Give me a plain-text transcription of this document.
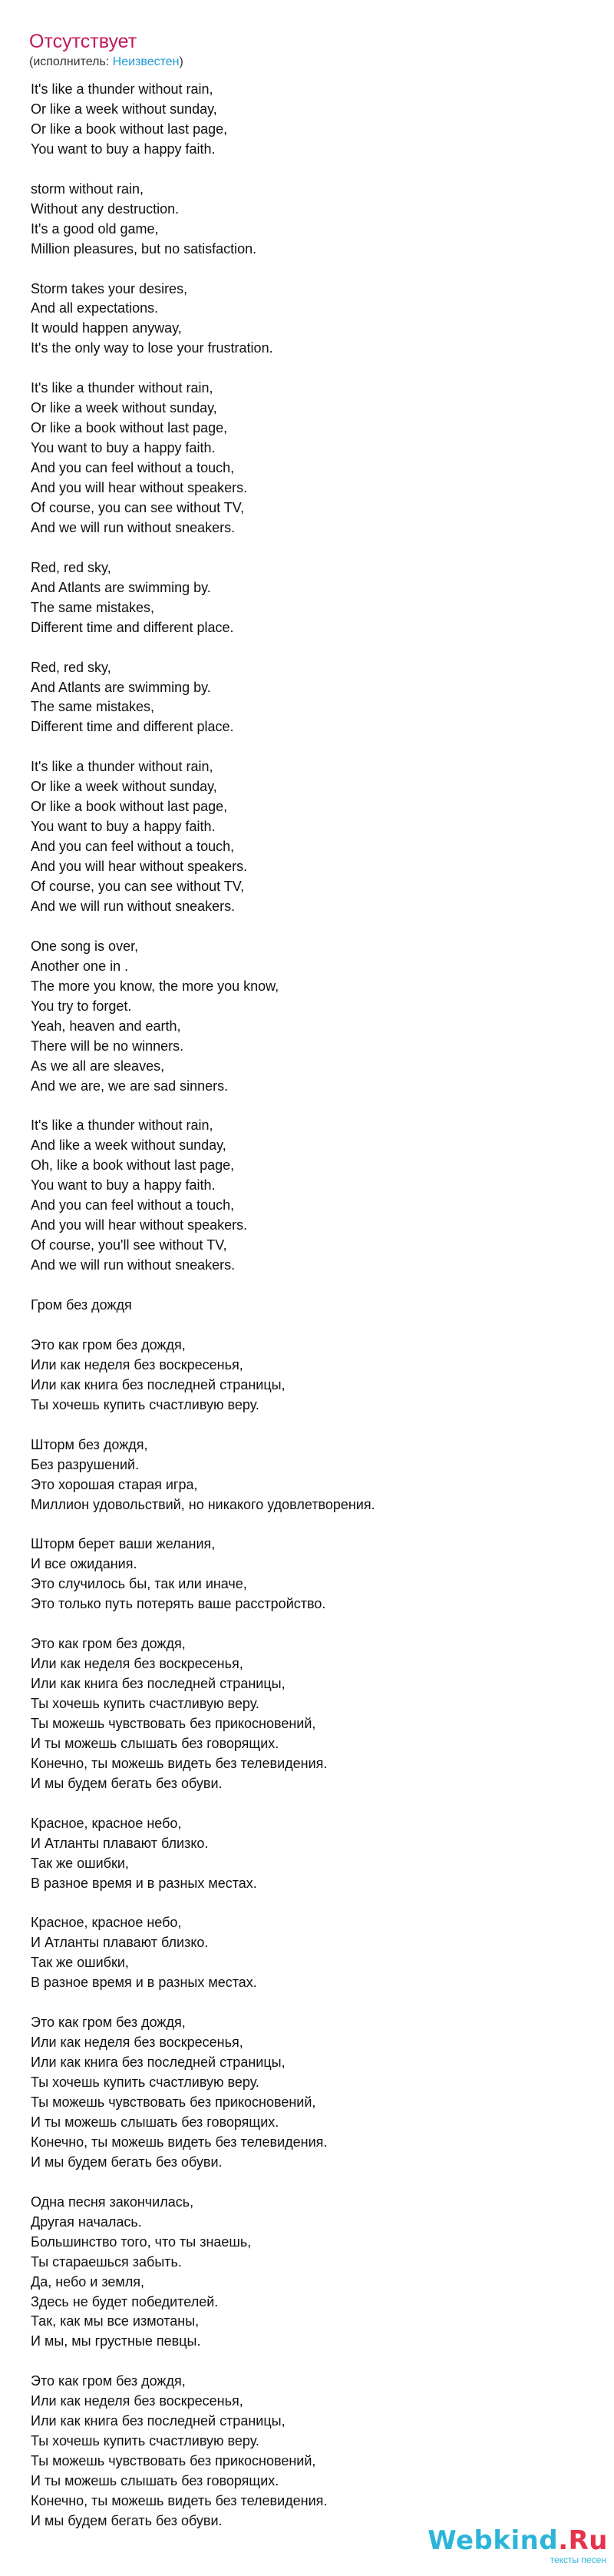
Отсутствует
(исполнитель: Неизвестен)
It's like a thunder without rain,
Or like a week without sunday,
Or like a book without last page,
You want to buy a happy faith.
storm without rain,
Without any destruction.
It's a good old game,
Million pleasures, but no satisfaction.
Storm takes your desires,
And all expectations.
It would happen anyway,
It's the only way to lose your frustration.
It's like a thunder without rain,
Or like a week without sunday,
Or like a book without last page,
You want to buy a happy faith.
And you can feel without a touch,
And you will hear without speakers.
Of course, you can see without TV,
And we will run without sneakers.
Red, red sky,
And Atlants are swimming by.
The same mistakes,
Different time and different place.
Red, red sky,
And Atlants are swimming by.
The same mistakes,
Different time and different place.
It's like a thunder without rain,
Or like a week without sunday,
Or like a book without last page,
You want to buy a happy faith.
And you can feel without a touch,
And you will hear without speakers.
Of course, you can see without TV,
And we will run without sneakers.
One song is over,
Another one in .
The more you know, the more you know,
You try to forget.
Yeah, heaven and earth,
There will be no winners.
As we all are sleaves,
And we are, we are sad sinners.
It's like a thunder without rain,
And like a week without sunday,
Oh, like a book without last page,
You want to buy a happy faith.
And you can feel without a touch,
And you will hear without speakers.
Of course, you'll see without TV,
And we will run without sneakers.
Гром без дождя
Это как гром без дождя,
Или как неделя без воскресенья,
Или как книга без последней страницы,
Ты хочешь купить счастливую веру.
Шторм без дождя,
Без разрушений.
Это хорошая старая игра,
Миллион удовольствий, но никакого удовлетворения.
Шторм берет ваши желания,
И все ожидания.
Это случилось бы, так или иначе,
Это только путь потерять ваше расстройство.
Это как гром без дождя,
Или как неделя без воскресенья,
Или как книга без последней страницы,
Ты хочешь купить счастливую веру.
Ты можешь чувствовать без прикосновений,
И ты можешь слышать без говорящих.
Конечно, ты можешь видеть без телевидения.
И мы будем бегать без обуви.
Красное, красное небо,
И Атланты плавают близко.
Так же ошибки,
В разное время и в разных местах.
Красное, красное небо,
И Атланты плавают близко.
Так же ошибки,
В разное время и в разных местах.
Это как гром без дождя,
Или как неделя без воскресенья,
Или как книга без последней страницы,
Ты хочешь купить счастливую веру.
Ты можешь чувствовать без прикосновений,
И ты можешь слышать без говорящих.
Конечно, ты можешь видеть без телевидения.
И мы будем бегать без обуви.
Одна песня закончилась,
Другая началась.
Большинство того, что ты знаешь,
Ты стараешься забыть.
Да, небо и земля,
Здесь не будет победителей.
Так, как мы все измотаны,
И мы, мы грустные певцы.
Это как гром без дождя,
Или как неделя без воскресенья,
Или как книга без последней страницы,
Ты хочешь купить счастливую веру.
Ты можешь чувствовать без прикосновений,
И ты можешь слышать без говорящих.
Конечно, ты можешь видеть без телевидения.
И мы будем бегать без обуви.
Webkind.Ru
тексты песен
